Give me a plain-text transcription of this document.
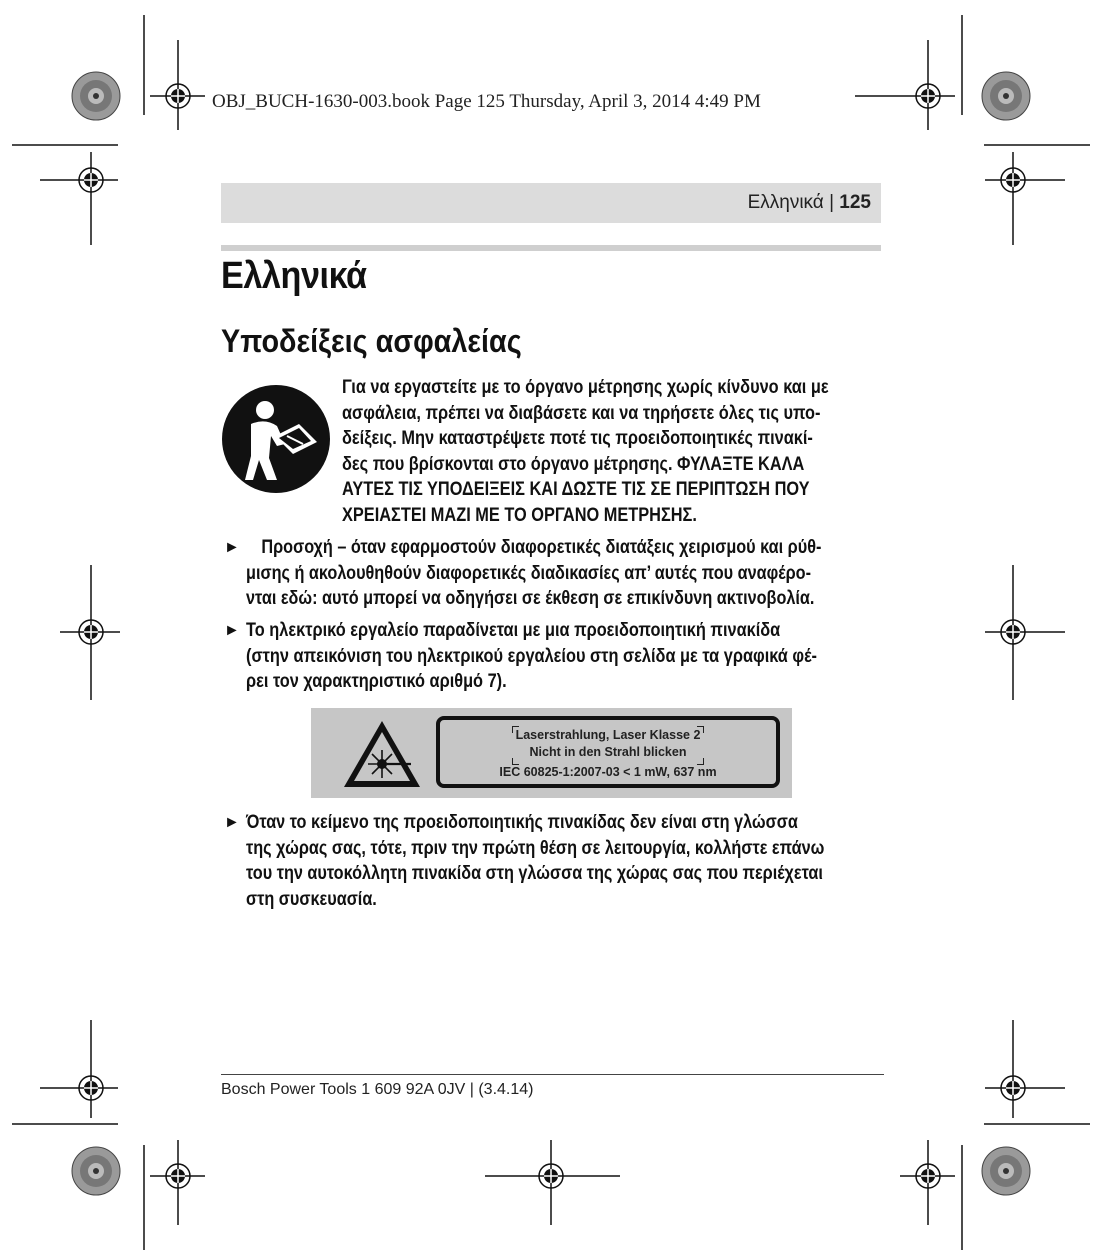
OBJ_BUCH-1630-003.book Page 125 Thursday, April 3, 2014 4:49 PM
Ελληνικά | 125
Ελληνικά
Υποδείξεις ασφαλείας
Για να εργαστείτε με το όργανο μέτρησης χωρίς κίνδυνο και με
ασφάλεια, πρέπει να διαβάσετε και να τηρήσετε όλες τις υπο-
δείξεις. Μην καταστρέψετε ποτέ τις προειδοποιητικές πινακί-
δες που βρίσκονται στο όργανο μέτρησης. ΦΥΛΑΞΤΕ ΚΑΛΑ
ΑΥΤΕΣ ΤΙΣ ΥΠΟΔΕΙΞΕΙΣ ΚΑΙ ΔΩΣΤΕ ΤΙΣ ΣΕ ΠΕΡΙΠΤΩΣΗ ΠΟΥ
ΧΡΕΙΑΣΤΕΙ ΜΑΖΙ ΜΕ ΤΟ ΟΡΓΑΝΟ ΜΕΤΡΗΣΗΣ.
►	Προσοχή – όταν εφαρμοστούν διαφορετικές διατάξεις χειρισμού και ρύθ-
μισης ή ακολουθηθούν διαφορετικές διαδικασίες απ’ αυτές που αναφέρο-
νται εδώ: αυτό μπορεί να οδηγήσει σε έκθεση σε επικίνδυνη ακτινοβολία.
► Το ηλεκτρικό εργαλείο παραδίνεται με μια προειδοποιητική πινακίδα
(στην απεικόνιση του ηλεκτρικού εργαλείου στη σελίδα με τα γραφικά φέ-
ρει τον χαρακτηριστικό αριθμό 7).
Laserstrahlung, Laser Klasse 2
Nicht in den Strahl blicken
IEC 60825-1:2007-03 < 1 mW, 637 nm
► Όταν το κείμενο της προειδοποιητικής πινακίδας δεν είναι στη γλώσσα
της χώρας σας, τότε, πριν την πρώτη θέση σε λειτουργία, κολλήστε επάνω
του την αυτοκόλλητη πινακίδα στη γλώσσα της χώρας σας που περιέχεται
στη συσκευασία.
Bosch Power Tools 1 609 92A 0JV | (3.4.14)
